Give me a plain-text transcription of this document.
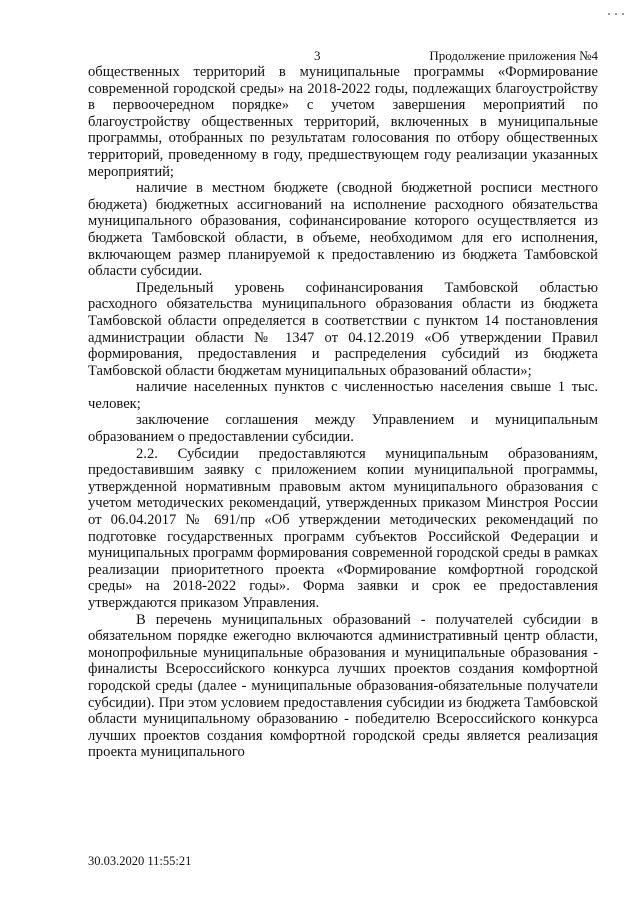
3	Продолжение приложения №4

общественных территорий в муниципальные программы «Формирование современной городской среды» на 2018-2022 годы, подлежащих благоустройству в первоочередном порядке» с учетом завершения мероприятий по благоустройству общественных территорий, включенных в муниципальные программы, отобранных по результатам голосования по отбору общественных территорий, проведенному в году, предшествующем году реализации указанных мероприятий;

наличие в местном бюджете (сводной бюджетной росписи местного бюджета) бюджетных ассигнований на исполнение расходного обязательства муниципального образования, софинансирование которого осуществляется из бюджета Тамбовской области, в объеме, необходимом для его исполнения, включающем размер планируемой к предоставлению из бюджета Тамбовской области субсидии.

Предельный уровень софинансирования Тамбовской областью расходного обязательства муниципального образования области из бюджета Тамбовской области определяется в соответствии с пунктом 14 постановления администрации области № 1347 от 04.12.2019 «Об утверждении Правил формирования, предоставления и распределения субсидий из бюджета Тамбовской области бюджетам муниципальных образований области»;

наличие населенных пунктов с численностью населения свыше 1 тыс. человек;

заключение соглашения между Управлением и муниципальным образованием о предоставлении субсидии.

2.2. Субсидии предоставляются муниципальным образованиям, предоставившим заявку с приложением копии муниципальной программы, утвержденной нормативным правовым актом муниципального образования с учетом методических рекомендаций, утвержденных приказом Минстроя России от 06.04.2017 № 691/пр «Об утверждении методических рекомендаций по подготовке государственных программ субъектов Российской Федерации и муниципальных программ формирования современной городской среды в рамках реализации приоритетного проекта «Формирование комфортной городской среды» на 2018-2022 годы». Форма заявки и срок ее предоставления утверждаются приказом Управления.

В перечень муниципальных образований - получателей субсидии в обязательном порядке ежегодно включаются административный центр области, монопрофильные муниципальные образования и муниципальные образования - финалисты Всероссийского конкурса лучших проектов создания комфортной городской среды (далее - муниципальные образования-обязательные получатели субсидии). При этом условием предоставления субсидии из бюджета Тамбовской области муниципальному образованию - победителю Всероссийского конкурса лучших проектов создания комфортной городской среды является реализация проекта муниципального

30.03.2020 11:55:21
